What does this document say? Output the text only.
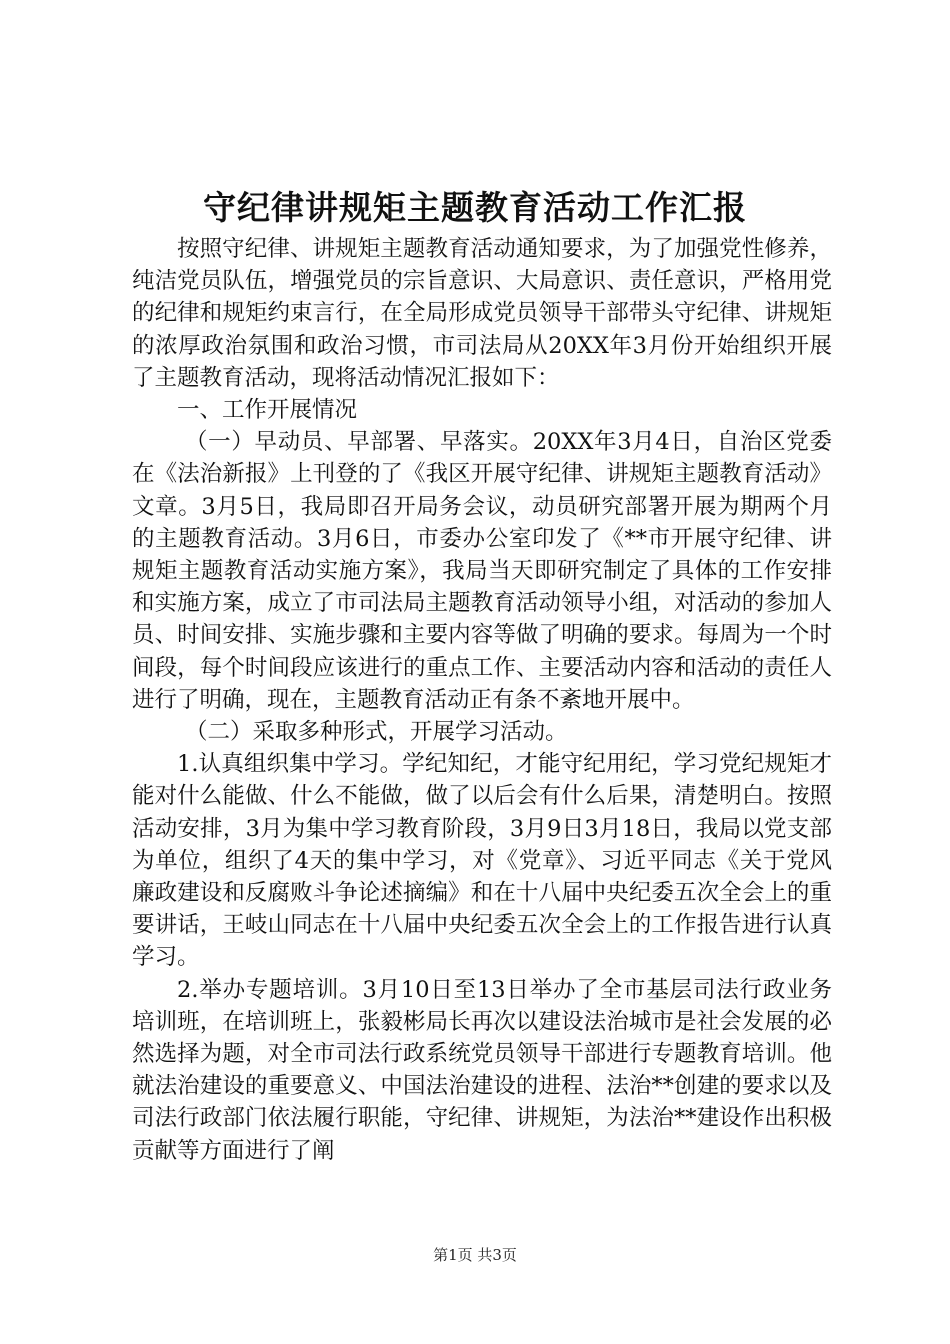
守纪律讲规矩主题教育活动工作汇报

按照守纪律、讲规矩主题教育活动通知要求，为了加强党性修养，纯洁党员队伍，增强党员的宗旨意识、大局意识、责任意识，严格用党的纪律和规矩约束言行，在全局形成党员领导干部带头守纪律、讲规矩的浓厚政治氛围和政治习惯，市司法局从20XX年3月份开始组织开展了主题教育活动，现将活动情况汇报如下：

一、工作开展情况

（一）早动员、早部署、早落实。20XX年3月4日，自治区党委在《法治新报》上刊登的了《我区开展守纪律、讲规矩主题教育活动》文章。3月5日，我局即召开局务会议，动员研究部署开展为期两个月的主题教育活动。3月6日，市委办公室印发了《**市开展守纪律、讲规矩主题教育活动实施方案》，我局当天即研究制定了具体的工作安排和实施方案，成立了市司法局主题教育活动领导小组，对活动的参加人员、时间安排、实施步骤和主要内容等做了明确的要求。每周为一个时间段，每个时间段应该进行的重点工作、主要活动内容和活动的责任人进行了明确，现在，主题教育活动正有条不紊地开展中。

（二）采取多种形式，开展学习活动。

1.认真组织集中学习。学纪知纪，才能守纪用纪，学习党纪规矩才能对什么能做、什么不能做，做了以后会有什么后果，清楚明白。按照活动安排，3月为集中学习教育阶段，3月9日3月18日，我局以党支部为单位，组织了4天的集中学习，对《党章》、习近平同志《关于党风廉政建设和反腐败斗争论述摘编》和在十八届中央纪委五次全会上的重要讲话，王岐山同志在十八届中央纪委五次全会上的工作报告进行认真学习。

2.举办专题培训。3月10日至13日举办了全市基层司法行政业务培训班，在培训班上，张毅彬局长再次以建设法治城市是社会发展的必然选择为题，对全市司法行政系统党员领导干部进行专题教育培训。他就法治建设的重要意义、中国法治建设的进程、法治**创建的要求以及司法行政部门依法履行职能，守纪律、讲规矩，为法治**建设作出积极贡献等方面进行了阐

第1页 共3页
